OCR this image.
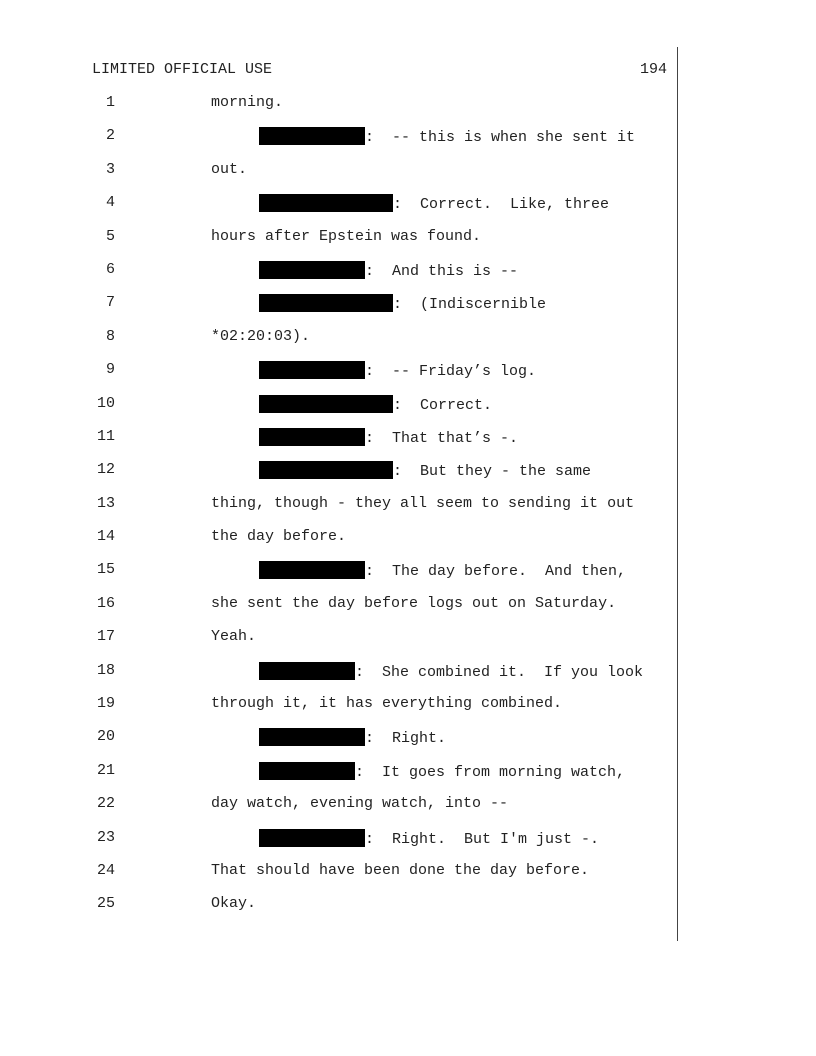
LIMITED OFFICIAL USE	194
1	morning.
2	:  -- this is when she sent it
3	out.
4	:  Correct.  Like, three
5	hours after Epstein was found.
6	:  And this is --
7	:  (Indiscernible
8	*02:20:03).
9	:  -- Friday’s log.
10	:  Correct.
11	:  That that’s -.
12	:  But they - the same
13	thing, though - they all seem to sending it out
14	the day before.
15	:  The day before.  And then,
16	she sent the day before logs out on Saturday.
17	Yeah.
18	:  She combined it.  If you look
19	through it, it has everything combined.
20	:  Right.
21	:  It goes from morning watch,
22	day watch, evening watch, into --
23	:  Right.  But I'm just -.
24	That should have been done the day before.
25	Okay.
